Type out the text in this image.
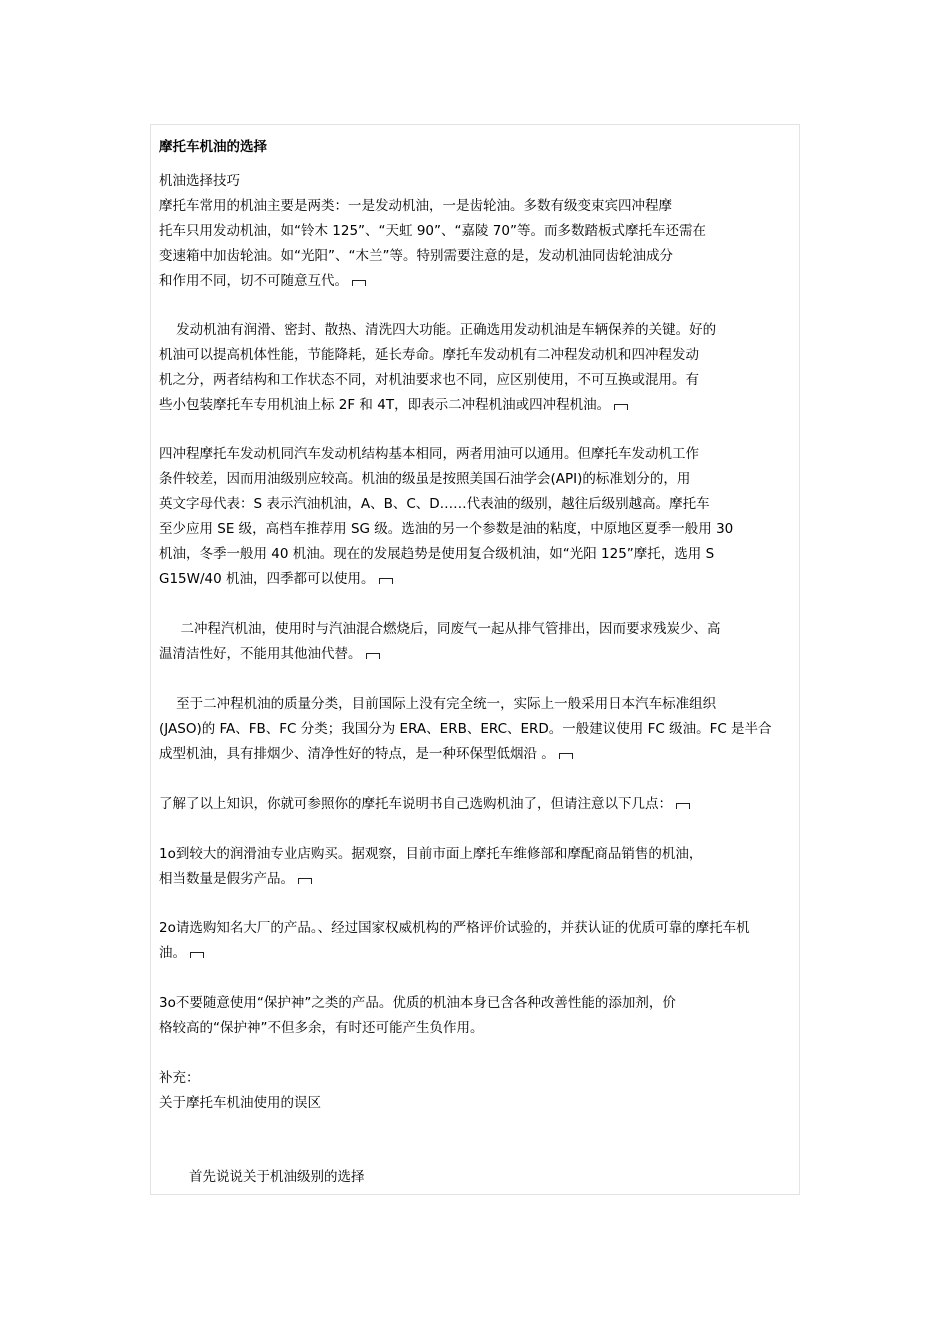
摩托车机油的选择
机油选择技巧
摩托车常用的机油主要是两类：一是发动机油，一是齿轮油。多数有级变束宾四冲程摩
托车只用发动机油，如“铃木 125”、“天虹 90”、“嘉陵 70”等。而多数踏板式摩托车还需在
变速箱中加齿轮油。如“光阳”、“木兰”等。特别需要注意的是，发动机油同齿轮油成分
和作用不同，切不可随意互代。
发动机油有润滑、密封、散热、清洗四大功能。正确选用发动机油是车辆保养的关键。好的
机油可以提高机体性能，节能降耗，延长寿命。摩托车发动机有二冲程发动机和四冲程发动
机之分，两者结构和工作状态不同，对机油要求也不同，应区别使用，不可互换或混用。有
些小包装摩托车专用机油上标 2F 和 4T，即表示二冲程机油或四冲程机油。
四冲程摩托车发动机同汽车发动机结构基本相同，两者用油可以通用。但摩托车发动机工作
条件较差，因而用油级别应较高。机油的级虽是按照美国石油学会(API)的标准划分的，用
英文字母代表：S 表示汽油机油，A、B、C、D……代表油的级别，越往后级别越高。摩托车
至少应用 SE 级，高档车推荐用 SG 级。选油的另一个参数是油的粘度，中原地区夏季一般用 30
机油，冬季一般用 40 机油。现在的发展趋势是使用复合级机油，如“光阳 125”摩托，选用 S
G15W/40 机油，四季都可以使用。
二冲程汽机油，使用时与汽油混合燃烧后，同废气一起从排气管排出，因而要求残炭少、高
温清洁性好，不能用其他油代替。
至于二冲程机油的质量分类，目前国际上没有完全统一，实际上一般采用日本汽车标准组织
(JASO)的 FA、FB、FC 分类；我国分为 ERA、ERB、ERC、ERD。一般建议使用 FC 级油。FC 是半合
成型机油，具有排烟少、清净性好的特点，是一种环保型低烟沿 。
了解了以上知识，你就可参照你的摩托车说明书自己选购机油了，但请注意以下几点：
1o到较大的润滑油专业店购买。据观察，目前市面上摩托车维修部和摩配商品销售的机油，
相当数量是假劣产品。
2o请选购知名大厂的产品。、经过国家权威机构的严格评价试验的，并获认证的优质可靠的摩托车机
油。
3o不要随意使用“保护神”之类的产品。优质的机油本身已含各种改善性能的添加剂，价
格较高的“保护神”不但多余，有时还可能产生负作用。
补充：
关于摩托车机油使用的误区
首先说说关于机油级别的选择
